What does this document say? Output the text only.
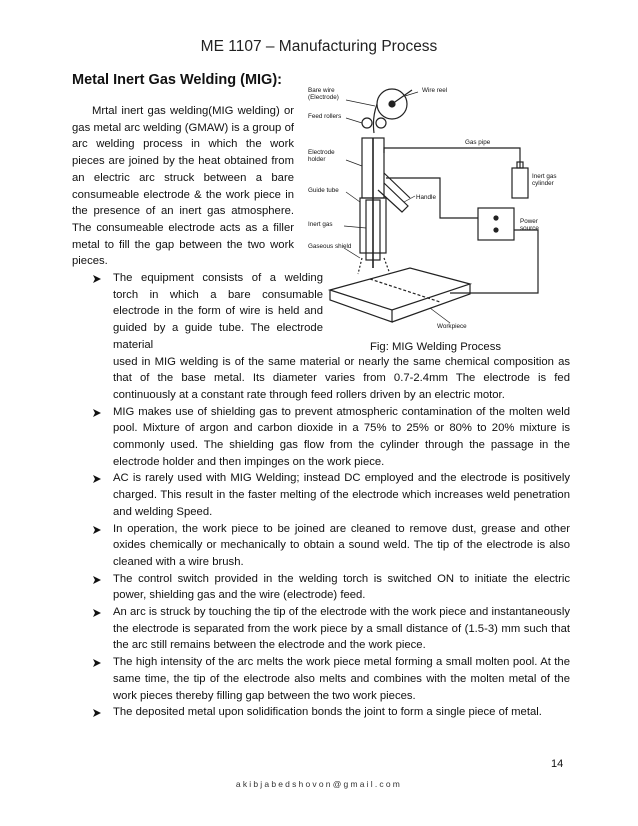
ME 1107 – Manufacturing Process
Metal Inert Gas Welding (MIG):

Mrtal inert gas welding(MIG welding) or gas metal arc welding (GMAW) is a group of arc welding process in which the work pieces are joined by the heat obtained from an electric arc struck between a bare consumeable electrode & the work piece in the presence of an inert gas atmosphere. The consumeable electrode acts as a filler metal to fill the gap between the two work pieces.

Bare wire
(Electrode)
Wire reel
Feed rollers
Gas pipe
Electrode
holder
Inert gas
cylinder
Guide tube
Handle
Power
source
Inert gas
Gaseous shield
Workpiece
Fig: MIG Welding Process
The equipment consists of a welding torch in which a bare consumable electrode in the form of wire is held and guided by a guide tube. The electrode material
used in MIG welding is of the same material or nearly the same chemical composition as that of the base metal. Its diameter varies from 0.7-2.4mm The electrode is fed continuously at a constant rate through feed rollers driven by an electric motor.
MIG makes use of shielding gas to prevent atmospheric contamination of the molten weld pool. Mixture of argon and carbon dioxide in a 75% to 25% or 80% to 20% mixture is commonly used. The shielding gas flow from the cylinder through the passage in the electrode holder and then impinges on the work piece.
AC is rarely used with MIG Welding; instead DC employed and the electrode is positively charged. This result in the faster melting of the electrode which increases weld penetration and welding Speed.
In operation, the work piece to be joined are cleaned to remove dust, grease and other oxides chemically or mechanically to obtain a sound weld. The tip of the electrode is also cleaned with a wire brush.
The control switch provided in the welding torch is switched ON to initiate the electric power, shielding gas and the wire (electrode) feed.
An arc is struck by touching the tip of the electrode with the work piece and instantaneously the electrode is separated from the work piece by a small distance of (1.5-3) mm such that the arc still remains between the electrode and the work piece.
The high intensity of the arc melts the work piece metal forming a small molten pool. At the same time, the tip of the electrode also melts and combines with the molten metal of the work pieces thereby filling gap between the two work pieces.
The deposited metal upon solidification bonds the joint to form a single piece of metal.
14
akibjabedshovon@gmail.com
